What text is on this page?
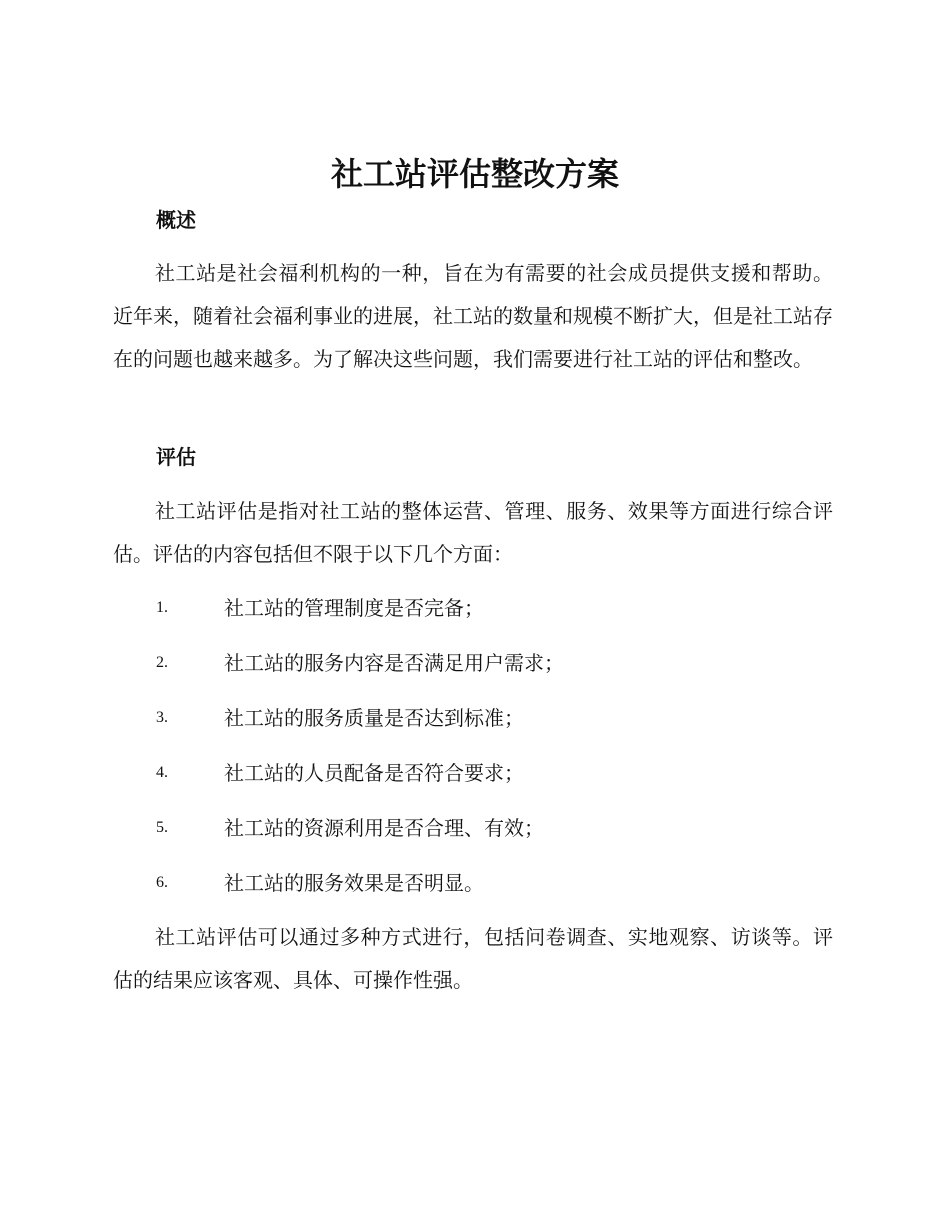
社工站评估整改方案
概述

社工站是社会福利机构的一种，旨在为有需要的社会成员提供支援和帮助。近年来，随着社会福利事业的进展，社工站的数量和规模不断扩大，但是社工站存在的问题也越来越多。为了解决这些问题，我们需要进行社工站的评估和整改。

评估

社工站评估是指对社工站的整体运营、管理、服务、效果等方面进行综合评估。评估的内容包括但不限于以下几个方面：

1.	社工站的管理制度是否完备；
2.	社工站的服务内容是否满足用户需求；
3.	社工站的服务质量是否达到标准；
4.	社工站的人员配备是否符合要求；
5.	社工站的资源利用是否合理、有效；
6.	社工站的服务效果是否明显。

社工站评估可以通过多种方式进行，包括问卷调查、实地观察、访谈等。评估的结果应该客观、具体、可操作性强。
